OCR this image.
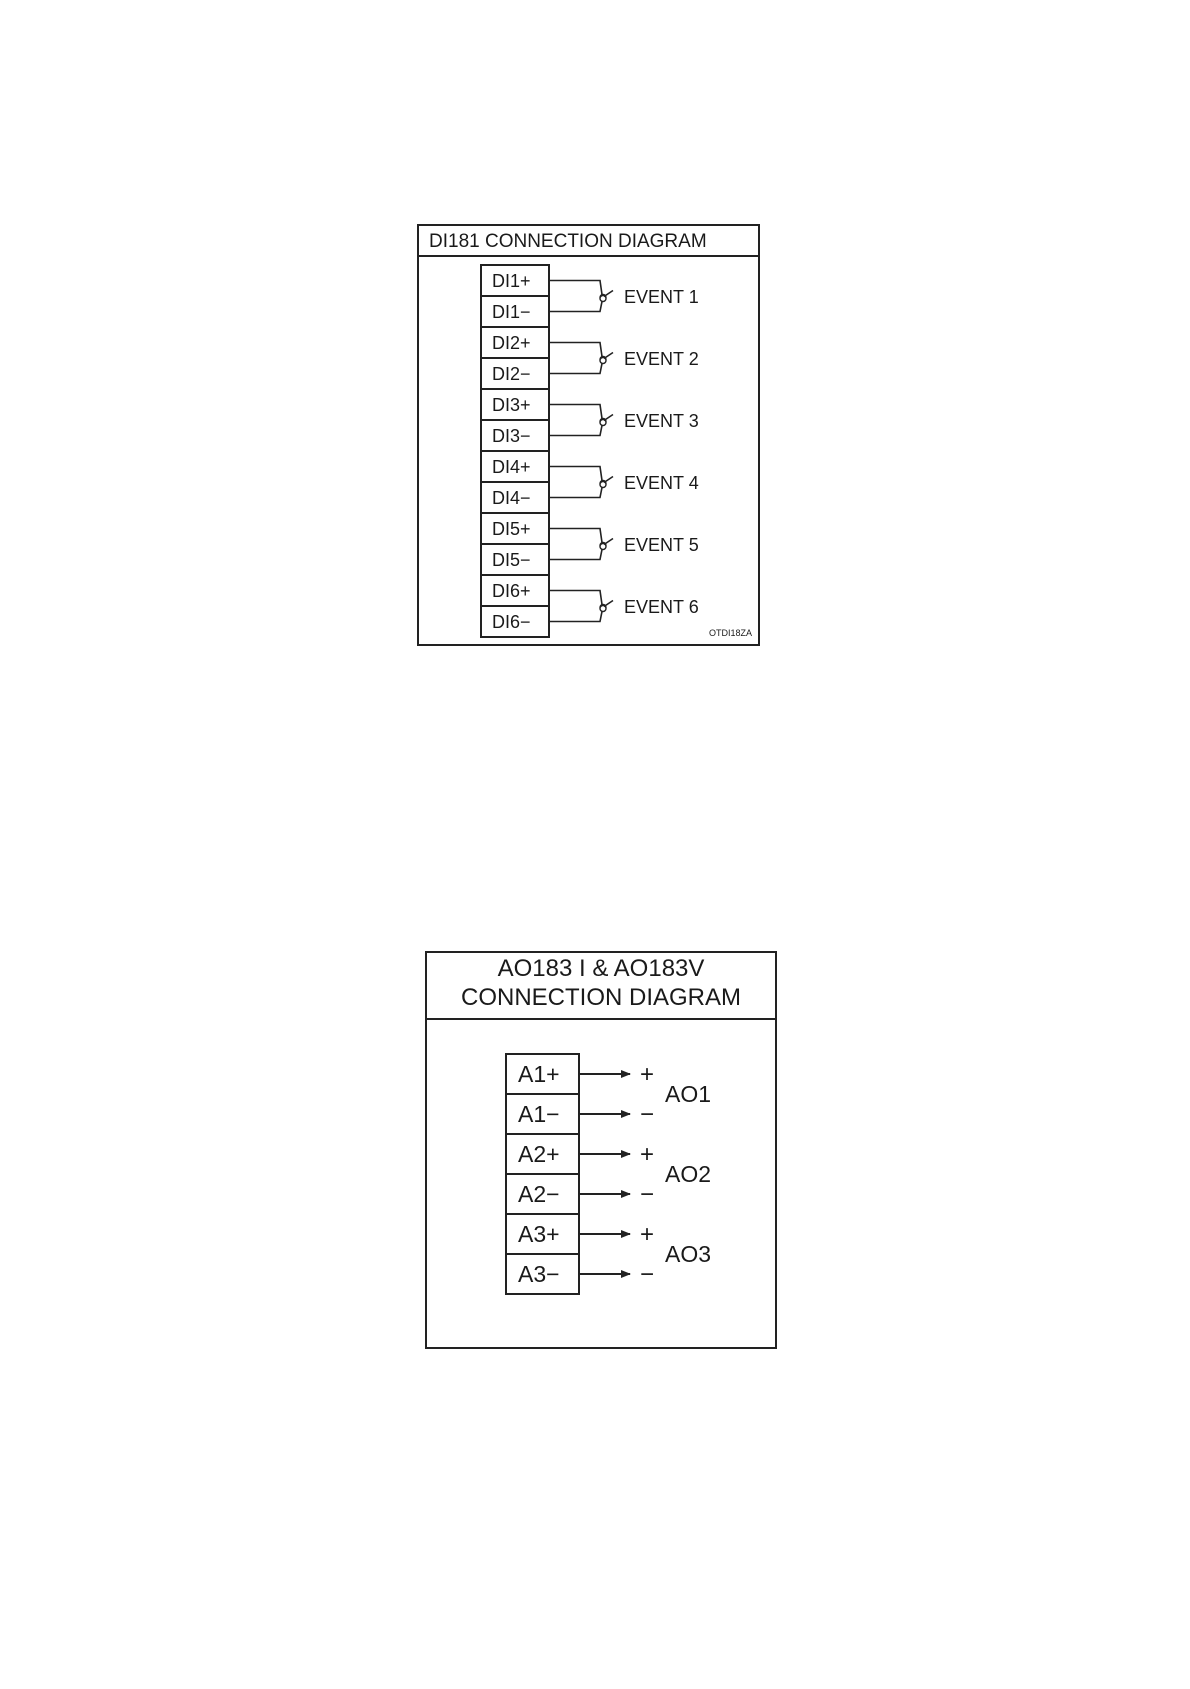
DI181 CONNECTION DIAGRAM
DI1+
DI1−
DI2+
DI2−
DI3+
DI3−
DI4+
DI4−
DI5+
DI5−
DI6+
DI6−
EVENT 1
EVENT 2
EVENT 3
EVENT 4
EVENT 5
EVENT 6
OTDI18ZA
AO183 I & AO183V
CONNECTION DIAGRAM
A1+
A1−
A2+
A2−
A3+
A3−
+
−
+
−
+
−
AO1
AO2
AO3
